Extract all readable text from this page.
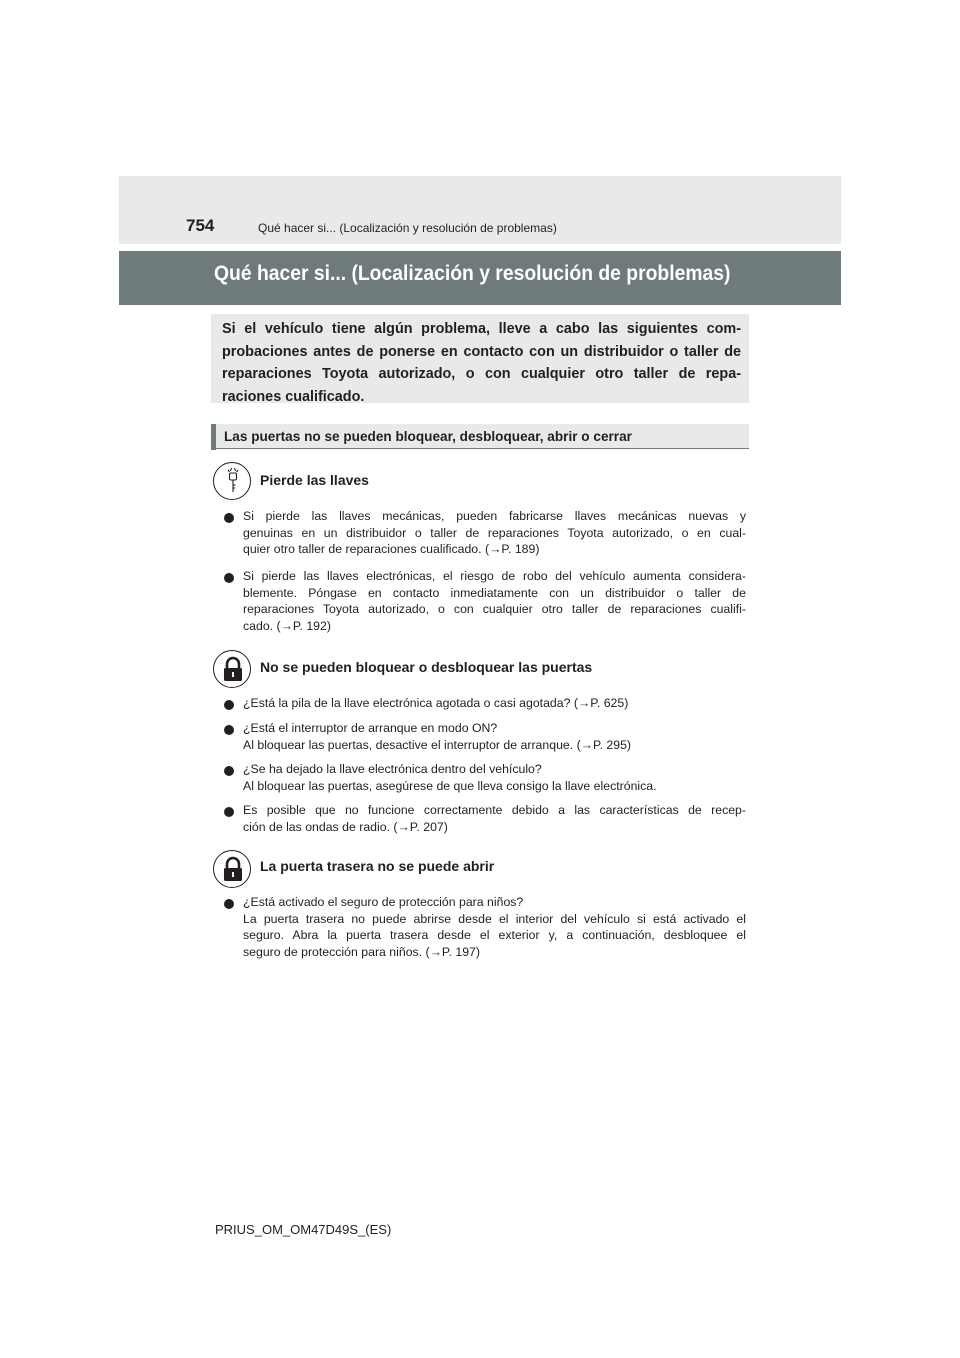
754	Qué hacer si... (Localización y resolución de problemas)
Qué hacer si... (Localización y resolución de problemas)
Si el vehículo tiene algún problema, lleve a cabo las siguientes com- probaciones antes de ponerse en contacto con un distribuidor o taller de reparaciones Toyota autorizado, o con cualquier otro taller de repa- raciones cualificado.
Las puertas no se pueden bloquear, desbloquear, abrir o cerrar
Pierde las llaves
Si pierde las llaves mecánicas, pueden fabricarse llaves mecánicas nuevas y
genuinas en un distribuidor o taller de reparaciones Toyota autorizado, o en cual-
quier otro taller de reparaciones cualificado. (→P. 189)
Si pierde las llaves electrónicas, el riesgo de robo del vehículo aumenta considera-
blemente. Póngase en contacto inmediatamente con un distribuidor o taller de
reparaciones Toyota autorizado, o con cualquier otro taller de reparaciones cualifi-
cado. (→P. 192)
No se pueden bloquear o desbloquear las puertas
¿Está la pila de la llave electrónica agotada o casi agotada? (→P. 625)
¿Está el interruptor de arranque en modo ON?
Al bloquear las puertas, desactive el interruptor de arranque. (→P. 295)
¿Se ha dejado la llave electrónica dentro del vehículo?
Al bloquear las puertas, asegúrese de que lleva consigo la llave electrónica.
Es posible que no funcione correctamente debido a las características de recep-
ción de las ondas de radio. (→P. 207)
La puerta trasera no se puede abrir
¿Está activado el seguro de protección para niños?
La puerta trasera no puede abrirse desde el interior del vehículo si está activado el
seguro. Abra la puerta trasera desde el exterior y, a continuación, desbloquee el
seguro de protección para niños. (→P. 197)
PRIUS_OM_OM47D49S_(ES)
